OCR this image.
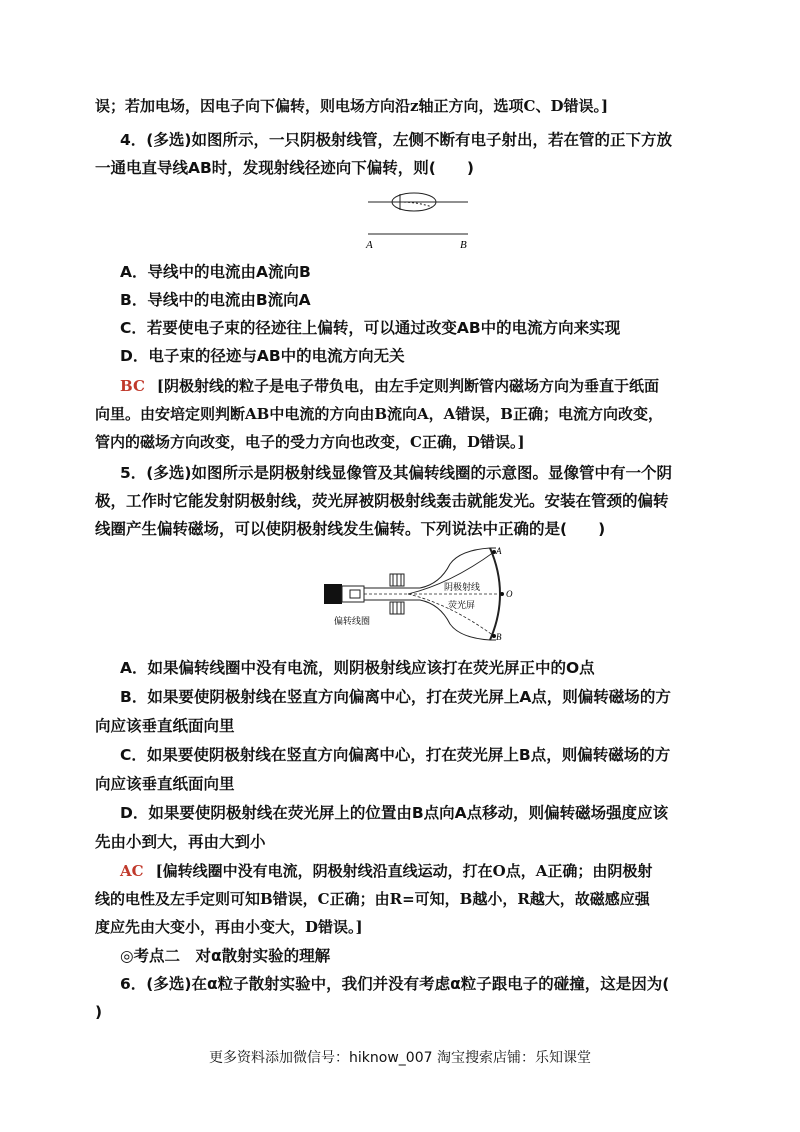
误；若加电场，因电子向下偏转，则电场方向沿z轴正方向，选项C、D错误。]
4．(多选)如图所示，一只阴极射线管，左侧不断有电子射出，若在管的正下方放
一通电直导线AB时，发现射线径迹向下偏转，则(　　)
A	B
A．导线中的电流由A流向B
B．导线中的电流由B流向A
C．若要使电子束的径迹往上偏转，可以通过改变AB中的电流方向来实现
D．电子束的径迹与AB中的电流方向无关
BC [阴极射线的粒子是电子带负电，由左手定则判断管内磁场方向为垂直于纸面
向里。由安培定则判断AB中电流的方向由B流向A，A错误，B正确；电流方向改变，
管内的磁场方向改变，电子的受力方向也改变，C正确，D错误。]
5．(多选)如图所示是阴极射线显像管及其偏转线圈的示意图。显像管中有一个阴
极，工作时它能发射阴极射线，荧光屏被阴极射线轰击就能发光。安装在管颈的偏转
线圈产生偏转磁场，可以使阴极射线发生偏转。下列说法中正确的是(　　)
A
O
B
阴极射线
荧光屏
偏转线圈
A．如果偏转线圈中没有电流，则阴极射线应该打在荧光屏正中的O点
B．如果要使阴极射线在竖直方向偏离中心，打在荧光屏上A点，则偏转磁场的方
向应该垂直纸面向里
C．如果要使阴极射线在竖直方向偏离中心，打在荧光屏上B点，则偏转磁场的方
向应该垂直纸面向里
D．如果要使阴极射线在荧光屏上的位置由B点向A点移动，则偏转磁场强度应该
先由小到大，再由大到小
AC [偏转线圈中没有电流，阴极射线沿直线运动，打在O点，A正确；由阴极射
线的电性及左手定则可知B错误，C正确；由R=可知，B越小，R越大，故磁感应强
度应先由大变小，再由小变大，D错误。]
◎考点二　对α散射实验的理解
6．(多选)在α粒子散射实验中，我们并没有考虑α粒子跟电子的碰撞，这是因为(
)
更多资料添加微信号：hiknow_007 淘宝搜索店铺：乐知课堂
